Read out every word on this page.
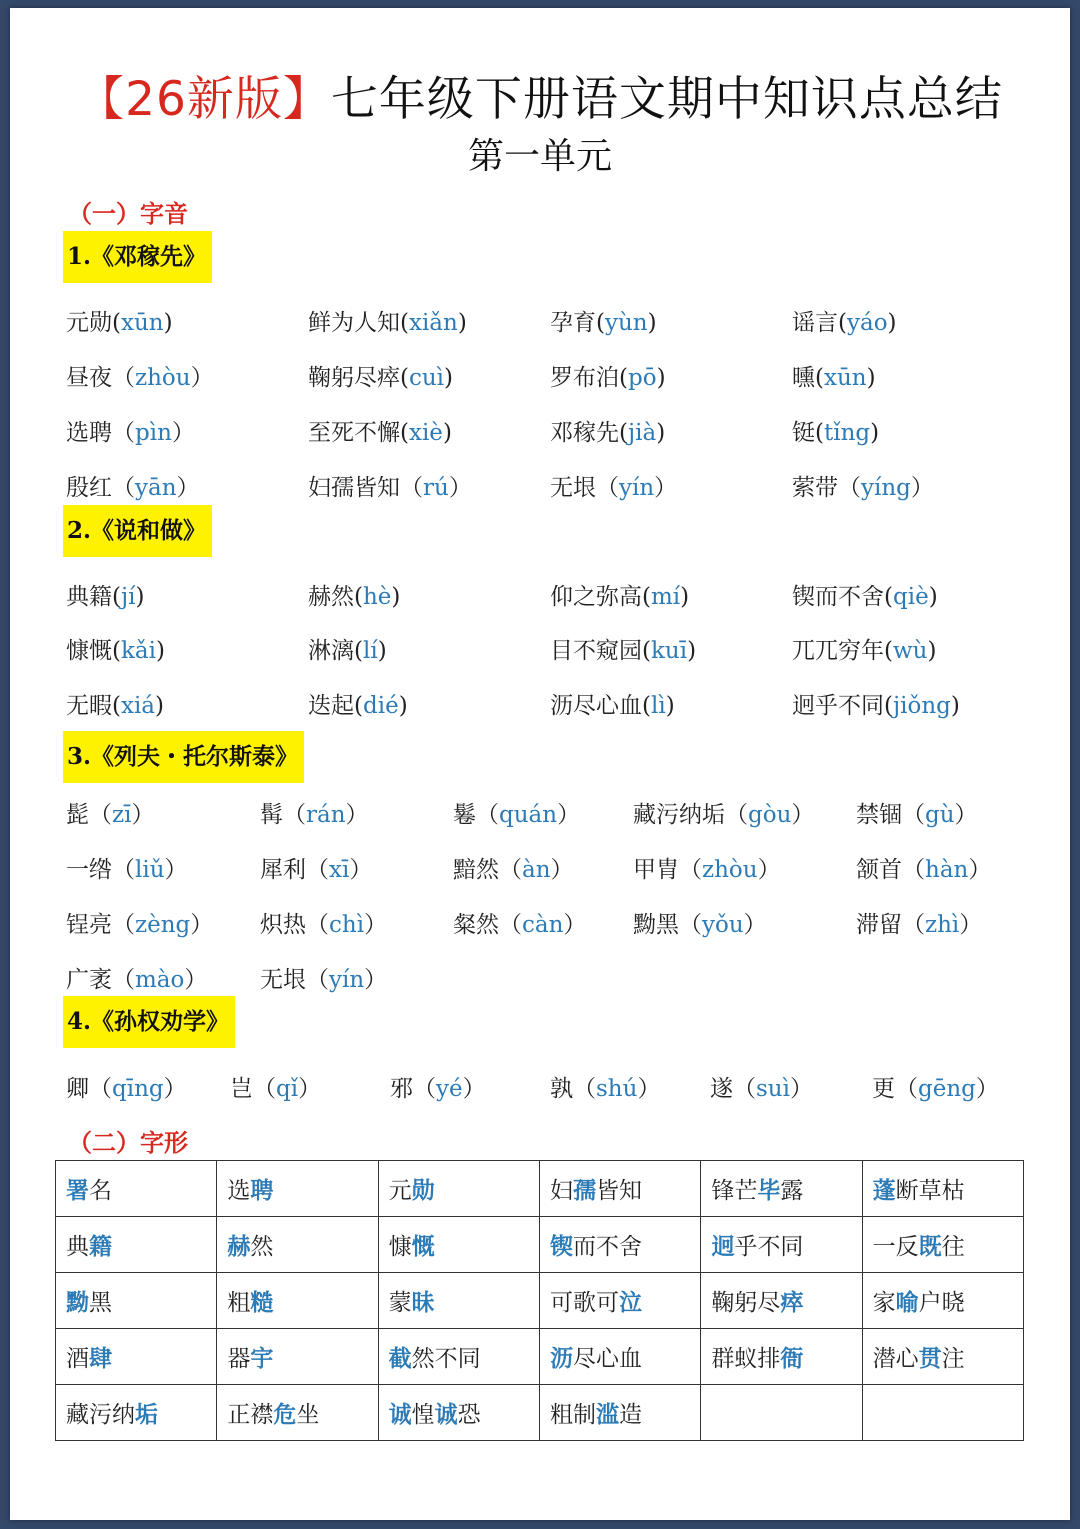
【26新版】七年级下册语文期中知识点总结
第一单元
（一）字音
1.《邓稼先》
元勋(xūn)	鲜为人知(xiǎn)	孕育(yùn)	谣言(yáo)
昼夜（zhòu）	鞠躬尽瘁(cuì)	罗布泊(pō)	曛(xūn)
选聘（pìn）	至死不懈(xiè)	邓稼先(jià)	铤(tǐng)
殷红（yān）	妇孺皆知（rú）	无垠（yín）	萦带（yíng）
2.《说和做》
典籍(jí)	赫然(hè)	仰之弥高(mí)	锲而不舍(qiè)
慷慨(kǎi)	淋漓(lí)	目不窥园(kuī)	兀兀穷年(wù)
无暇(xiá)	迭起(dié)	沥尽心血(lì)	迥乎不同(jiǒng)
3.《列夫・托尔斯泰》
髭（zī）	髯（rán）	鬈（quán） 藏污纳垢（gòu） 禁锢（gù）
一绺（liǔ）	犀利（xī）	黯然（àn）	甲胄（zhòu）	颔首（hàn）
锃亮（zèng） 炽热（chì）	粲然（càn） 黝黑（yǒu）	滞留（zhì）
广袤（mào） 无垠（yín）
4.《孙权劝学》
卿（qīng） 岂（qǐ）	邪（yé）	孰（shú） 遂（suì）	更（gēng）
（二）字形
署名	选聘	元勋	妇孺皆知	锋芒毕露	蓬断草枯
典籍	赫然	慷慨	锲而不舍	迥乎不同	一反既往
黝黑	粗糙	蒙昧	可歌可泣	鞠躬尽瘁	家喻户晓
酒肆	器宇	截然不同	沥尽心血	群蚁排衙	潜心贯注
藏污纳垢	正襟危坐	诚惶诚恐	粗制滥造		
